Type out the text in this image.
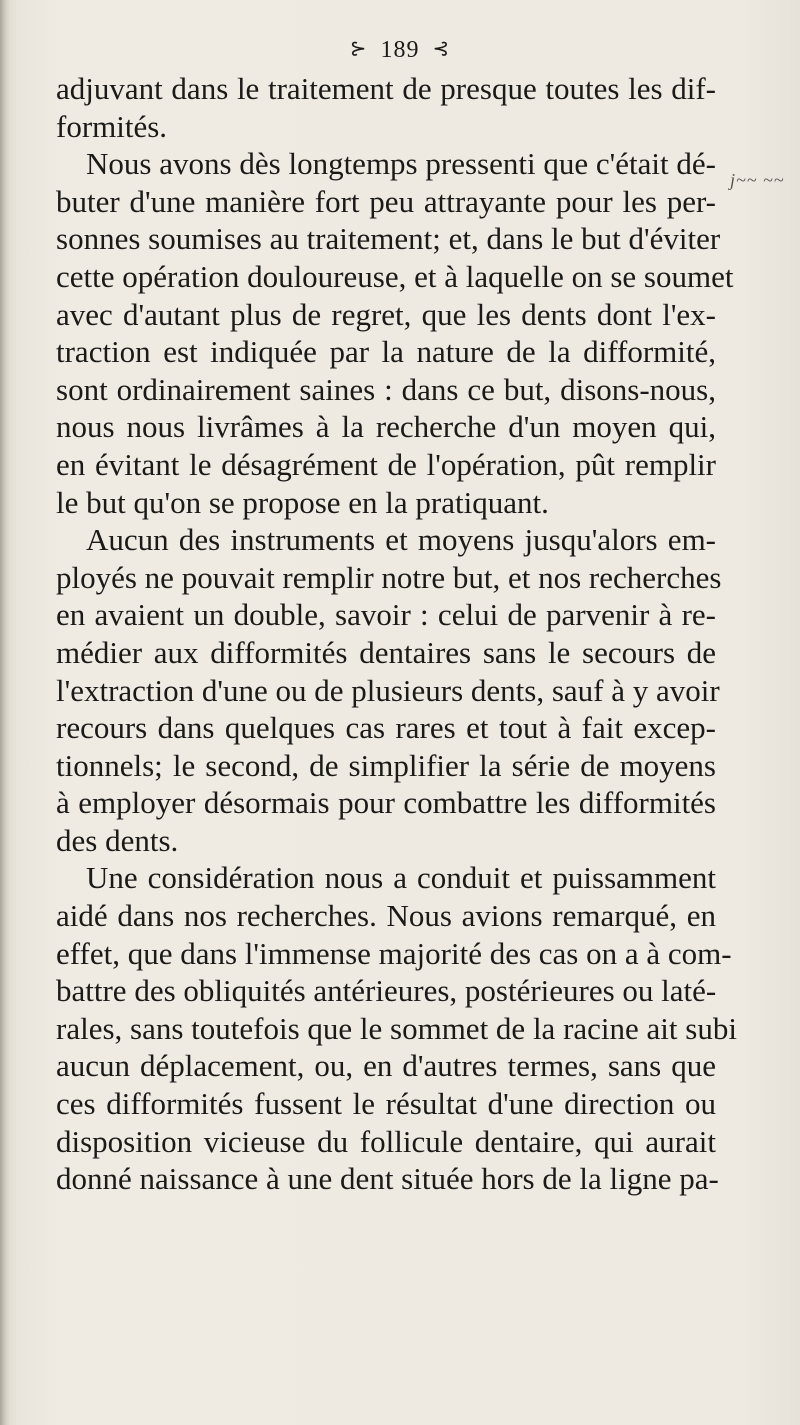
⊱ 189 ⊰
j~~ ~~
adjuvant dans le traitement de presque toutes les dif-
formités.
Nous avons dès longtemps pressenti que c'était dé-
buter d'une manière fort peu attrayante pour les per-
sonnes soumises au traitement; et, dans le but d'éviter
cette opération douloureuse, et à laquelle on se soumet
avec d'autant plus de regret, que les dents dont l'ex-
traction est indiquée par la nature de la difformité,
sont ordinairement saines : dans ce but, disons-nous,
nous nous livrâmes à la recherche d'un moyen qui,
en évitant le désagrément de l'opération, pût remplir
le but qu'on se propose en la pratiquant.
Aucun des instruments et moyens jusqu'alors em-
ployés ne pouvait remplir notre but, et nos recherches
en avaient un double, savoir : celui de parvenir à re-
médier aux difformités dentaires sans le secours de
l'extraction d'une ou de plusieurs dents, sauf à y avoir
recours dans quelques cas rares et tout à fait excep-
tionnels; le second, de simplifier la série de moyens
à employer désormais pour combattre les difformités
des dents.
Une considération nous a conduit et puissamment
aidé dans nos recherches. Nous avions remarqué, en
effet, que dans l'immense majorité des cas on a à com-
battre des obliquités antérieures, postérieures ou laté-
rales, sans toutefois que le sommet de la racine ait subi
aucun déplacement, ou, en d'autres termes, sans que
ces difformités fussent le résultat d'une direction ou
disposition vicieuse du follicule dentaire, qui aurait
donné naissance à une dent située hors de la ligne pa-
